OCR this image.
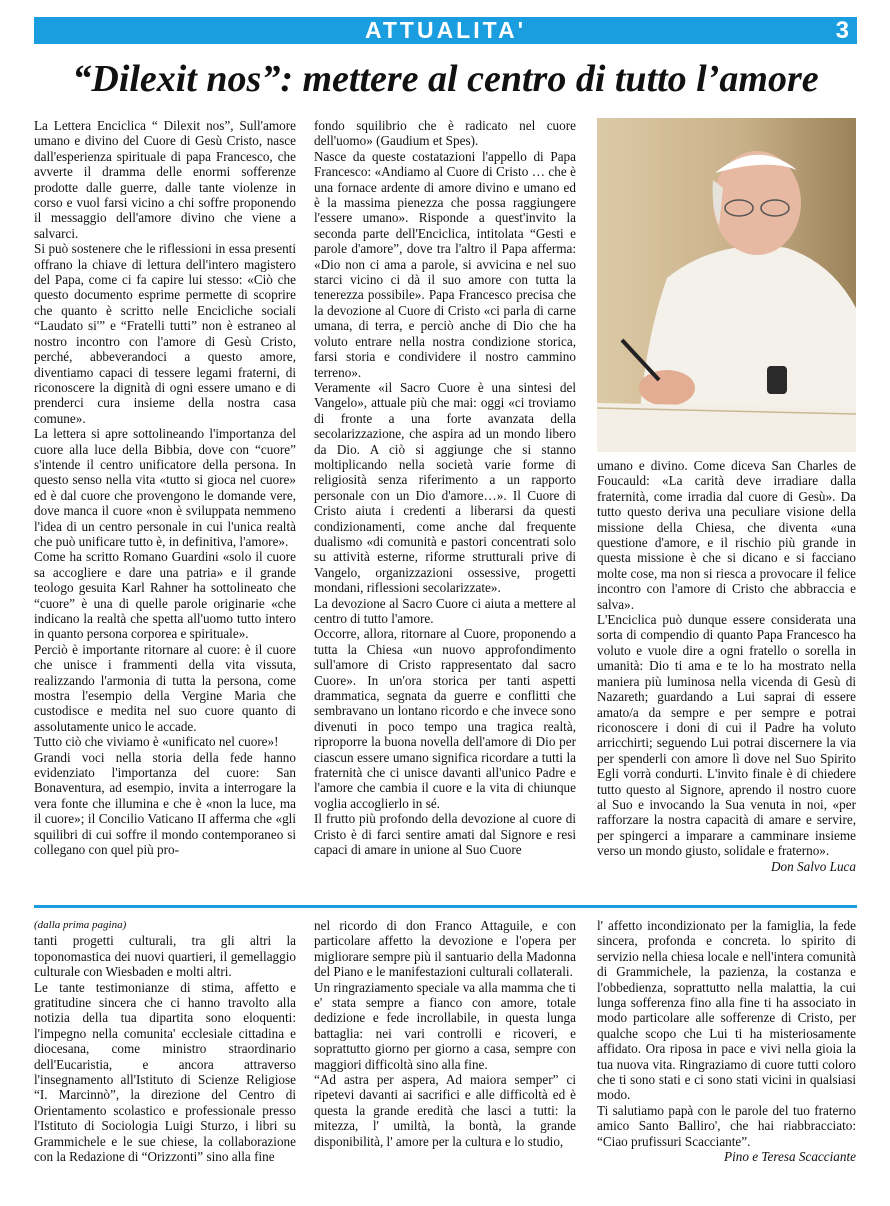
ATTUALITA'	3
“Dilexit nos”: mettere al centro di tutto l’amore

La Lettera Enciclica “ Dilexit nos”, Sull'amore umano e divino del Cuore di Gesù Cristo, nasce dall'esperienza spirituale di papa Francesco, che avverte il dramma delle enormi sofferenze prodotte dalle guerre, dalle tante violenze in corso e vuol farsi vicino a chi soffre proponendo il messaggio dell'amore divino che viene a salvarci.

Si può sostenere che le riflessioni in essa presenti offrano la chiave di lettura dell'intero magistero del Papa, come ci fa capire lui stesso: «Ciò che questo documento esprime permette di scoprire che quanto è scritto nelle Encicliche sociali “Laudato si'” e “Fratelli tutti” non è estraneo al nostro incontro con l'amore di Gesù Cristo, perché, abbeverandoci a questo amore, diventiamo capaci di tessere legami fraterni, di riconoscere la dignità di ogni essere umano e di prenderci cura insieme della nostra casa comune».

La lettera si apre sottolineando l'importanza del cuore alla luce della Bibbia, dove con “cuore” s'intende il centro unificatore della persona. In questo senso nella vita «tutto si gioca nel cuore» ed è dal cuore che provengono le domande vere, dove manca il cuore «non è sviluppata nemmeno l'idea di un centro personale in cui l'unica realtà che può unificare tutto è, in definitiva, l'amore».

Come ha scritto Romano Guardini «solo il cuore sa accogliere e dare una patria» e il grande teologo gesuita Karl Rahner ha sottolineato che “cuore” è una di quelle parole originarie «che indicano la realtà che spetta all'uomo tutto intero in quanto persona corporea e spirituale».

Perciò è importante ritornare al cuore: è il cuore che unisce i frammenti della vita vissuta, realizzando l'armonia di tutta la persona, come mostra l'esempio della Vergine Maria che custodisce e medita nel suo cuore quanto di assolutamente unico le accade.

Tutto ciò che viviamo è «unificato nel cuore»!

Grandi voci nella storia della fede hanno evidenziato l'importanza del cuore: San Bonaventura, ad esempio, invita a interrogare la vera fonte che illumina e che è «non la luce, ma il cuore»; il Concilio Vaticano II afferma che «gli squilibri di cui soffre il mondo contemporaneo si collegano con quel più pro-

fondo squilibrio che è radicato nel cuore dell'uomo» (Gaudium et Spes).

Nasce da queste costatazioni l'appello di Papa Francesco: «Andiamo al Cuore di Cristo … che è una fornace ardente di amore divino e umano ed è la massima pienezza che possa raggiungere l'essere umano». Risponde a quest'invito la seconda parte dell'Enciclica, intitolata “Gesti e parole d'amore”, dove tra l'altro il Papa afferma: «Dio non ci ama a parole, si avvicina e nel suo starci vicino ci dà il suo amore con tutta la tenerezza possibile». Papa Francesco precisa che la devozione al Cuore di Cristo «ci parla di carne umana, di terra, e perciò anche di Dio che ha voluto entrare nella nostra condizione storica, farsi storia e condividere il nostro cammino terreno».

Veramente «il Sacro Cuore è una sintesi del Vangelo», attuale più che mai: oggi «ci troviamo di fronte a una forte avanzata della secolarizzazione, che aspira ad un mondo libero da Dio. A ciò si aggiunge che si stanno moltiplicando nella società varie forme di religiosità senza riferimento a un rapporto personale con un Dio d'amore…». Il Cuore di Cristo aiuta i credenti a liberarsi da questi condizionamenti, come anche dal frequente dualismo «di comunità e pastori concentrati solo su attività esterne, riforme strutturali prive di Vangelo, organizzazioni ossessive, progetti mondani, riflessioni secolarizzate».

La devozione al Sacro Cuore ci aiuta a mettere al centro di tutto l'amore.

Occorre, allora, ritornare al Cuore, proponendo a tutta la Chiesa «un nuovo approfondimento sull'amore di Cristo rappresentato dal sacro Cuore». In un'ora storica per tanti aspetti drammatica, segnata da guerre e conflitti che sembravano un lontano ricordo e che invece sono divenuti in poco tempo una tragica realtà, riproporre la buona novella dell'amore di Dio per ciascun essere umano significa ricordare a tutti la fraternità che ci unisce davanti all'unico Padre e l'amore che cambia il cuore e la vita di chiunque voglia accoglierlo in sé.

Il frutto più profondo della devozione al cuore di Cristo è di farci sentire amati dal Signore e resi capaci di amare in unione al Suo Cuore

umano e divino. Come diceva San Charles de Foucauld: «La carità deve irradiare dalla fraternità, come irradia dal cuore di Gesù». Da tutto questo deriva una peculiare visione della missione della Chiesa, che diventa «una questione d'amore, e il rischio più grande in questa missione è che si dicano e si facciano molte cose, ma non si riesca a provocare il felice incontro con l'amore di Cristo che abbraccia e salva».

L'Enciclica può dunque essere considerata una sorta di compendio di quanto Papa Francesco ha voluto e vuole dire a ogni fratello o sorella in umanità: Dio ti ama e te lo ha mostrato nella maniera più luminosa nella vicenda di Gesù di Nazareth; guardando a Lui saprai di essere amato/a da sempre e per sempre e potrai riconoscere i doni di cui il Padre ha voluto arricchirti; seguendo Lui potrai discernere la via per spenderli con amore lì dove nel Suo Spirito Egli vorrà condurti. L'invito finale è di chiedere tutto questo al Signore, aprendo il nostro cuore al Suo e invocando la Sua venuta in noi, «per rafforzare la nostra capacità di amare e servire, per spingerci a imparare a camminare insieme verso un mondo giusto, solidale e fraterno».

Don Salvo Luca

(dalla prima pagina)

tanti progetti culturali, tra gli altri la toponomastica dei nuovi quartieri, il gemellaggio culturale con Wiesbaden e molti altri.

Le tante testimonianze di stima, affetto e gratitudine sincera che ci hanno travolto alla notizia della tua dipartita sono eloquenti: l'impegno nella comunita' ecclesiale cittadina e diocesana, come ministro straordinario dell'Eucaristia, e ancora attraverso l'insegnamento all'Istituto di Scienze Religiose “I. Marcinnò”, la direzione del Centro di Orientamento scolastico e professionale presso l'Istituto di Sociologia Luigi Sturzo, i libri su Grammichele e le sue chiese, la collaborazione con la Redazione di “Orizzonti” sino alla fine

nel ricordo di don Franco Attaguile, e con particolare affetto la devozione e l'opera per migliorare sempre più il santuario della Madonna del Piano e le manifestazioni culturali collaterali.

Un ringraziamento speciale va alla mamma che ti e' stata sempre a fianco con amore, totale dedizione e fede incrollabile, in questa lunga battaglia: nei vari controlli e ricoveri, e soprattutto giorno per giorno a casa, sempre con maggiori difficoltà sino alla fine.

“Ad astra per aspera, Ad maiora semper” ci ripetevi davanti ai sacrifici e alle difficoltà ed è questa la grande eredità che lasci a tutti: la mitezza, l' umiltà, la bontà, la grande disponibilità, l' amore per la cultura e lo studio,

l' affetto incondizionato per la famiglia, la fede sincera, profonda e concreta. lo spirito di servizio nella chiesa locale e nell'intera comunità di Grammichele, la pazienza, la costanza e l'obbedienza, soprattutto nella malattia, la cui lunga sofferenza fino alla fine ti ha associato in modo particolare alle sofferenze di Cristo, per qualche scopo che Lui ti ha misteriosamente affidato. Ora riposa in pace e vivi nella gioia la tua nuova vita. Ringraziamo di cuore tutti coloro che ti sono stati e ci sono stati vicini in qualsiasi modo.

Ti salutiamo papà con le parole del tuo fraterno amico Santo Balliro', che hai riabbracciato: “Ciao prufissuri Scacciante”.

Pino e Teresa Scacciante
